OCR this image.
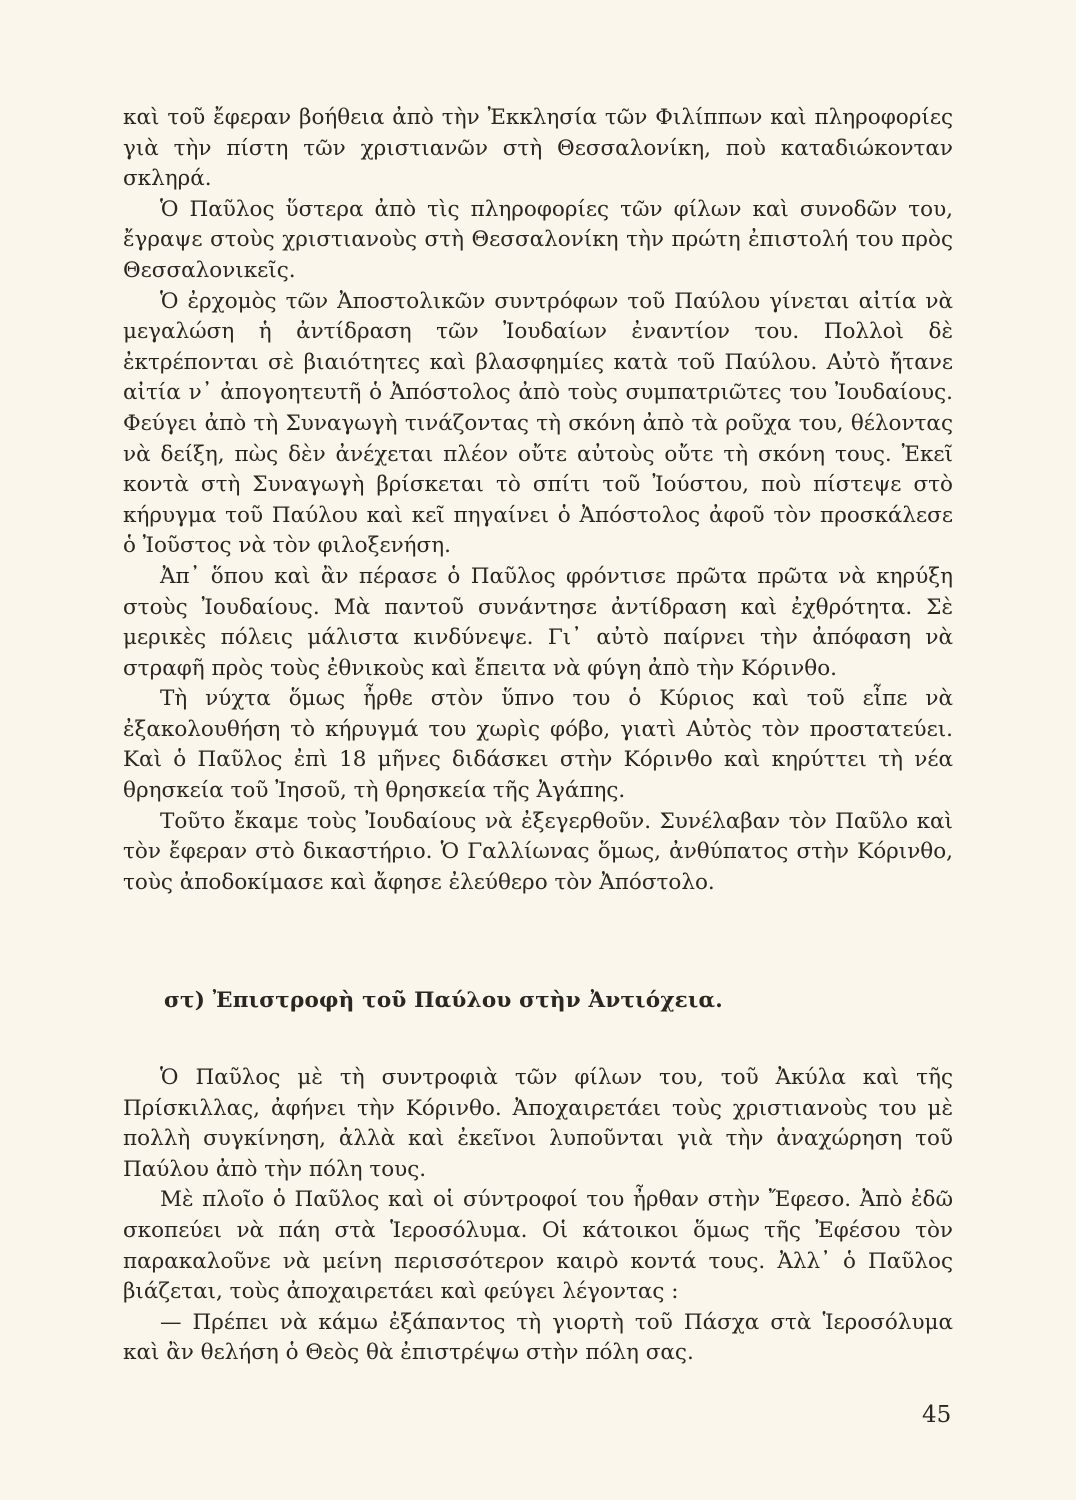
καὶ τοῦ ἔφεραν βοήθεια ἀπὸ τὴν Ἐκκλησία τῶν Φιλίππων καὶ πληροφορίες γιὰ τὴν πίστη τῶν χριστιανῶν στὴ Θεσσαλονίκη, ποὺ καταδιώκονταν σκληρά.

Ὁ Παῦλος ὕστερα ἀπὸ τὶς πληροφορίες τῶν φίλων καὶ συνοδῶν του, ἔγραψε στοὺς χριστιανοὺς στὴ Θεσσαλονίκη τὴν πρώτη ἐπιστολή του πρὸς Θεσσαλονικεῖς.

Ὁ ἐρχομὸς τῶν Ἀποστολικῶν συντρόφων τοῦ Παύλου γίνεται αἰτία νὰ μεγαλώση ἡ ἀντίδραση τῶν Ἰουδαίων ἐναντίον του. Πολλοὶ δὲ ἐκτρέπονται σὲ βιαιότητες καὶ βλασφημίες κατὰ τοῦ Παύλου. Αὐτὸ ἤτανε αἰτία ν᾽ ἀπογοητευτῆ ὁ Ἀπόστολος ἀπὸ τοὺς συμπατριῶτες του Ἰουδαίους. Φεύγει ἀπὸ τὴ Συναγωγὴ τινάζοντας τὴ σκόνη ἀπὸ τὰ ροῦχα του, θέλοντας νὰ δείξη, πὼς δὲν ἀνέχεται πλέον οὔτε αὐτοὺς οὔτε τὴ σκόνη τους. Ἐκεῖ κοντὰ στὴ Συναγωγὴ βρίσκεται τὸ σπίτι τοῦ Ἰούστου, ποὺ πίστεψε στὸ κήρυγμα τοῦ Παύλου καὶ κεῖ πηγαίνει ὁ Ἀπόστολος ἀφοῦ τὸν προσκάλεσε ὁ Ἰοῦστος νὰ τὸν φιλοξενήση.

Ἀπ᾽ ὅπου καὶ ἂν πέρασε ὁ Παῦλος φρόντισε πρῶτα πρῶτα νὰ κηρύξη στοὺς Ἰουδαίους. Μὰ παντοῦ συνάντησε ἀντίδραση καὶ ἐχθρότητα. Σὲ μερικὲς πόλεις μάλιστα κινδύνεψε. Γι᾽ αὐτὸ παίρνει τὴν ἀπόφαση νὰ στραφῆ πρὸς τοὺς ἐθνικοὺς καὶ ἔπειτα νὰ φύγη ἀπὸ τὴν Κόρινθο.

Τὴ νύχτα ὅμως ἦρθε στὸν ὕπνο του ὁ Κύριος καὶ τοῦ εἶπε νὰ ἐξακολουθήση τὸ κήρυγμά του χωρὶς φόβο, γιατὶ Αὐτὸς τὸν προστατεύει. Καὶ ὁ Παῦλος ἐπὶ 18 μῆνες διδάσκει στὴν Κόρινθο καὶ κηρύττει τὴ νέα θρησκεία τοῦ Ἰησοῦ, τὴ θρησκεία τῆς Ἀγάπης.

Τοῦτο ἔκαμε τοὺς Ἰουδαίους νὰ ἐξεγερθοῦν. Συνέλαβαν τὸν Παῦλο καὶ τὸν ἔφεραν στὸ δικαστήριο. Ὁ Γαλλίωνας ὅμως, ἀνθύπατος στὴν Κόρινθο, τοὺς ἀποδοκίμασε καὶ ἄφησε ἐλεύθερο τὸν Ἀπόστολο.

στ) Ἐπιστροφὴ τοῦ Παύλου στὴν Ἀντιόχεια.

Ὁ Παῦλος μὲ τὴ συντροφιὰ τῶν φίλων του, τοῦ Ἀκύλα καὶ τῆς Πρίσκιλλας, ἀφήνει τὴν Κόρινθο. Ἀποχαιρετάει τοὺς χριστιανοὺς του μὲ πολλὴ συγκίνηση, ἀλλὰ καὶ ἐκεῖνοι λυποῦνται γιὰ τὴν ἀναχώρηση τοῦ Παύλου ἀπὸ τὴν πόλη τους.

Μὲ πλοῖο ὁ Παῦλος καὶ οἱ σύντροφοί του ἦρθαν στὴν Ἔφεσο. Ἀπὸ ἐδῶ σκοπεύει νὰ πάη στὰ Ἱεροσόλυμα. Οἱ κάτοικοι ὅμως τῆς Ἐφέσου τὸν παρακαλοῦνε νὰ μείνη περισσότερον καιρὸ κοντά τους. Ἀλλ᾽ ὁ Παῦλος βιάζεται, τοὺς ἀποχαιρετάει καὶ φεύγει λέγοντας :

— Πρέπει νὰ κάμω ἐξάπαντος τὴ γιορτὴ τοῦ Πάσχα στὰ Ἱεροσόλυμα καὶ ἂν θελήση ὁ Θεὸς θὰ ἐπιστρέψω στὴν πόλη σας.

45
